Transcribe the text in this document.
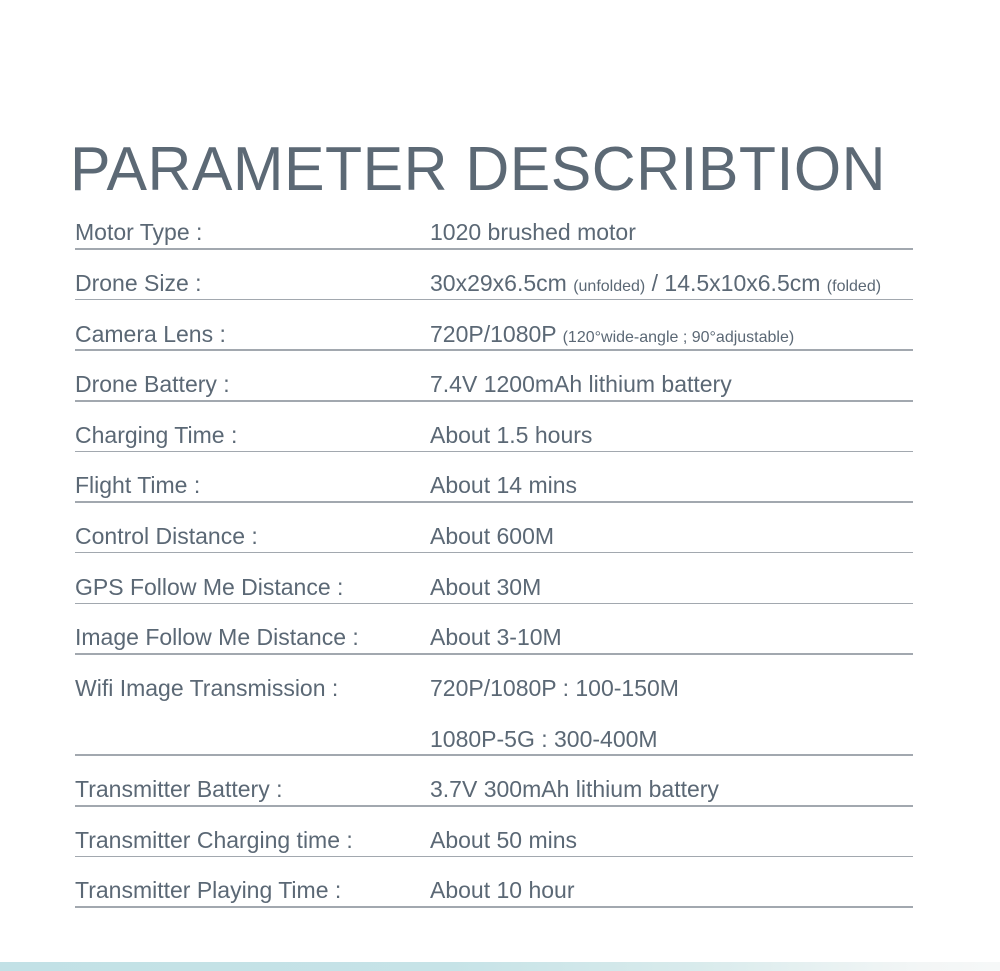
PARAMETER DESCRIBTION
Motor Type :	1020 brushed motor
Drone Size :	30x29x6.5cm (unfolded) / 14.5x10x6.5cm (folded)
Camera Lens :	720P/1080P (120°wide-angle ; 90°adjustable)
Drone Battery :	7.4V 1200mAh lithium battery
Charging Time :	About 1.5 hours
Flight Time :	About 14 mins
Control Distance :	About 600M
GPS Follow Me Distance :	About 30M
Image Follow Me Distance :	About 3-10M
Wifi Image Transmission :	720P/1080P : 100-150M
1080P-5G : 300-400M
Transmitter Battery :	3.7V 300mAh lithium battery
Transmitter Charging time :	About 50 mins
Transmitter Playing Time :	About 10 hour
